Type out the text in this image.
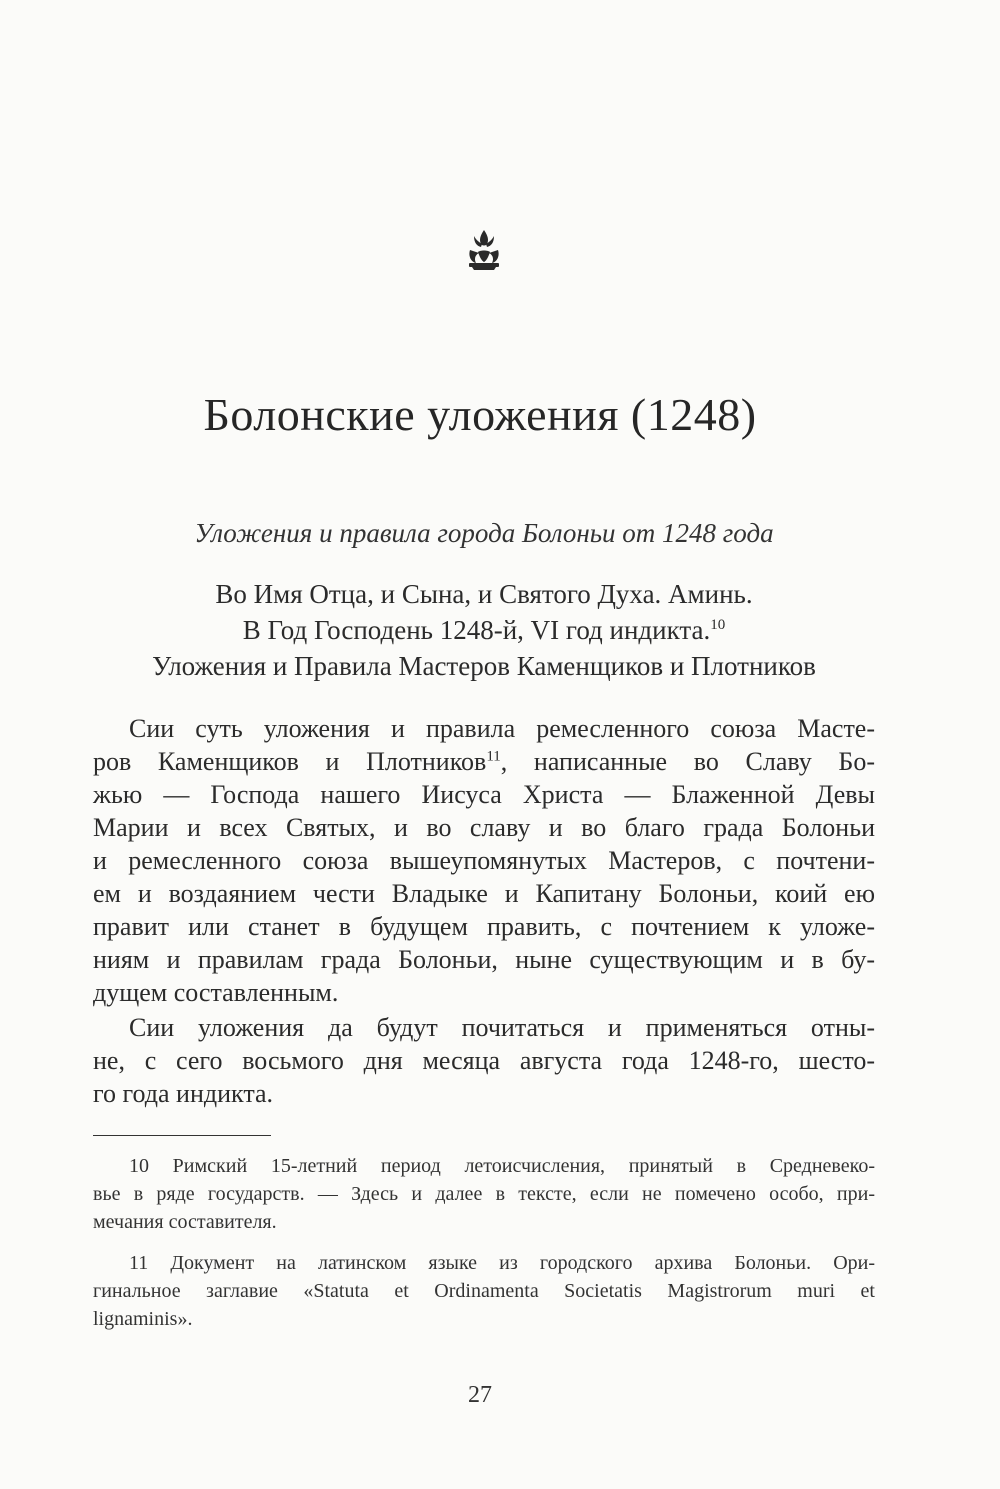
Болонские уложения (1248)
Уложения и правила города Болоньи от 1248 года
Во Имя Отца, и Сына, и Святого Духа. Аминь.
В Год Господень 1248-й, VI год индикта.$^{10}$
Уложения и Правила Мастеров Каменщиков и Плотников
Сии суть уложения и правила ремесленного союза Масте-
ров Каменщиков и Плотников$^{11}$, написанные во Славу Бо-
жью — Господа нашего Иисуса Христа — Блаженной Девы
Марии и всех Святых, и во славу и во благо града Болоньи
и ремесленного союза вышеупомянутых Мастеров, с почтени-
ем и воздаянием чести Владыке и Капитану Болоньи, коий ею
правит или станет в будущем править, с почтением к уложе-
ниям и правилам града Болоньи, ныне существующим и в бу-
дущем составленным.
Сии уложения да будут почитаться и применяться отны-
не, с сего восьмого дня месяца августа года 1248-го, шесто-
го года индикта.
10 Римский 15-летний период летоисчисления, принятый в Средневеко-
вье в ряде государств. — Здесь и далее в тексте, если не помечено особо, при-
мечания составителя.
11 Документ на латинском языке из городского архива Болоньи. Ори-
гинальное заглавие «Statuta et Ordinamenta Societatis Magistrorum muri et
lignaminis».
27
